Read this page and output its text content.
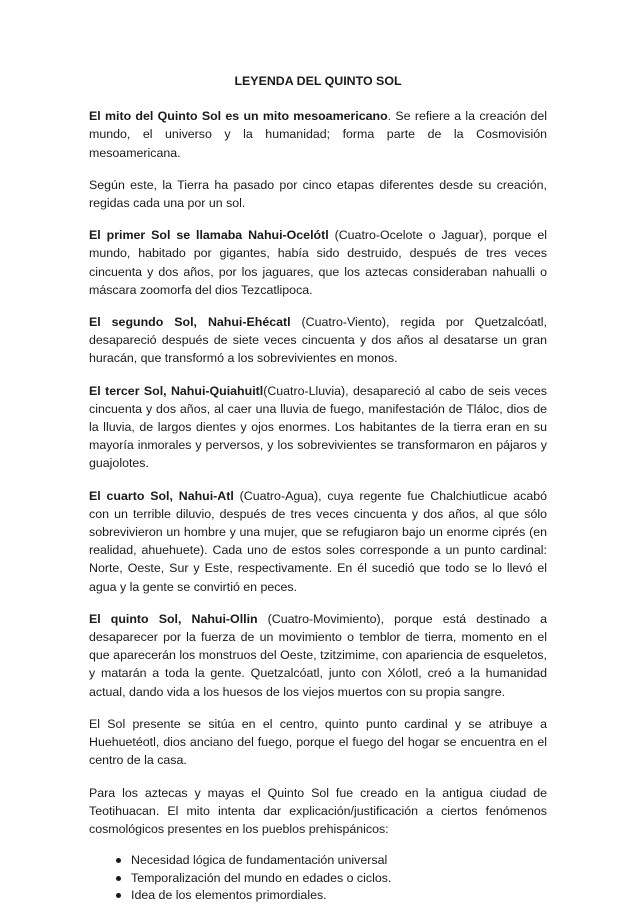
LEYENDA DEL QUINTO SOL

El mito del Quinto Sol es un mito mesoamericano. Se refiere a la creación del mundo, el universo y la humanidad; forma parte de la Cosmovisión mesoamericana.

Según este, la Tierra ha pasado por cinco etapas diferentes desde su creación, regidas cada una por un sol.

El primer Sol se llamaba Nahui-Ocelótl (Cuatro-Ocelote o Jaguar), porque el mundo, habitado por gigantes, había sido destruido, después de tres veces cincuenta y dos años, por los jaguares, que los aztecas consideraban nahualli o máscara zoomorfa del dios Tezcatlipoca.

El segundo Sol, Nahui-Ehécatl (Cuatro-Viento), regida por Quetzalcóatl, desapareció después de siete veces cincuenta y dos años al desatarse un gran huracán, que transformó a los sobrevivientes en monos.

El tercer Sol, Nahui-Quiahuitl(Cuatro-Lluvia), desapareció al cabo de seis veces cincuenta y dos años, al caer una lluvia de fuego, manifestación de Tláloc, dios de la lluvia, de largos dientes y ojos enormes. Los habitantes de la tierra eran en su mayoría inmorales y perversos, y los sobrevivientes se transformaron en pájaros y guajolotes.

El cuarto Sol, Nahui-Atl (Cuatro-Agua), cuya regente fue Chalchiutlicue acabó con un terrible diluvio, después de tres veces cincuenta y dos años, al que sólo sobrevivieron un hombre y una mujer, que se refugiaron bajo un enorme ciprés (en realidad, ahuehuete). Cada uno de estos soles corresponde a un punto cardinal: Norte, Oeste, Sur y Este, respectivamente. En él sucedió que todo se lo llevó el agua y la gente se convirtió en peces.

El quinto Sol, Nahui-Ollin (Cuatro-Movimiento), porque está destinado a desaparecer por la fuerza de un movimiento o temblor de tierra, momento en el que aparecerán los monstruos del Oeste, tzitzimime, con apariencia de esqueletos, y matarán a toda la gente. Quetzalcóatl, junto con Xólotl, creó a la humanidad actual, dando vida a los huesos de los viejos muertos con su propia sangre.

El Sol presente se sitúa en el centro, quinto punto cardinal y se atribuye a Huehuetéotl, dios anciano del fuego, porque el fuego del hogar se encuentra en el centro de la casa.

Para los aztecas y mayas el Quinto Sol fue creado en la antigua ciudad de Teotihuacan. El mito intenta dar explicación/justificación a ciertos fenómenos cosmológicos presentes en los pueblos prehispánicos:

Necesidad lógica de fundamentación universal
Temporalización del mundo en edades o ciclos.
Idea de los elementos primordiales.
